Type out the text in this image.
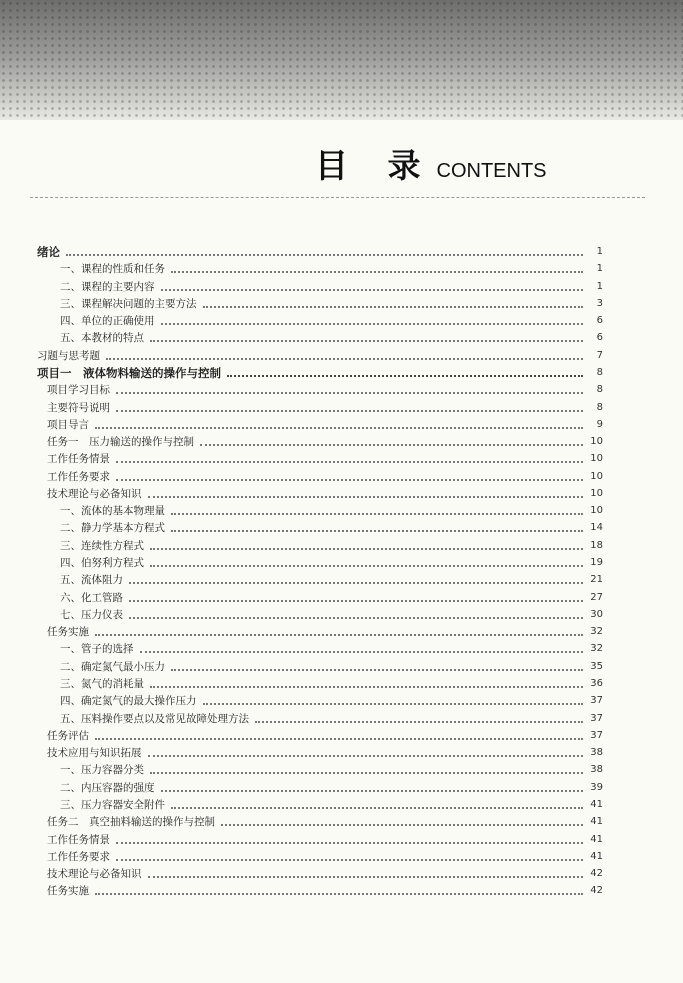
目 录 CONTENTS
绪论	1
一、课程的性质和任务	1
二、课程的主要内容	1
三、课程解决问题的主要方法	3
四、单位的正确使用	6
五、本教材的特点	6
习题与思考题	7
项目一　液体物料输送的操作与控制	8
项目学习目标	8
主要符号说明	8
项目导言	9
任务一　压力输送的操作与控制	10
工作任务情景	10
工作任务要求	10
技术理论与必备知识	10
一、流体的基本物理量	10
二、静力学基本方程式	14
三、连续性方程式	18
四、伯努利方程式	19
五、流体阻力	21
六、化工管路	27
七、压力仪表	30
任务实施	32
一、管子的选择	32
二、确定氮气最小压力	35
三、氮气的消耗量	36
四、确定氮气的最大操作压力	37
五、压料操作要点以及常见故障处理方法	37
任务评估	37
技术应用与知识拓展	38
一、压力容器分类	38
二、内压容器的强度	39
三、压力容器安全附件	41
任务二　真空抽料输送的操作与控制	41
工作任务情景	41
工作任务要求	41
技术理论与必备知识	42
任务实施	42
